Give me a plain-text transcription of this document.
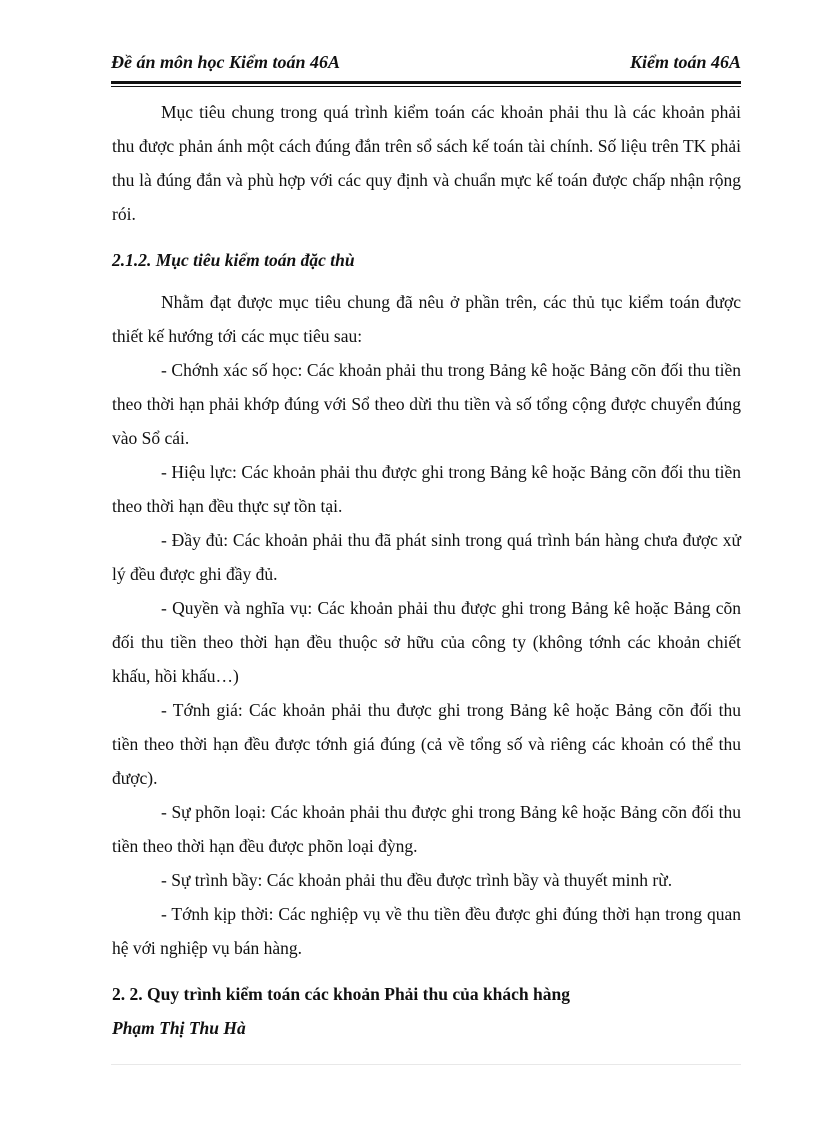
Đề án môn học Kiểm toán 46A	Kiểm toán 46A

Mục tiêu chung trong quá trình kiểm toán các khoản phải thu là các khoản phải thu được phản ánh một cách đúng đắn trên sổ sách kế toán tài chính. Số liệu trên TK phải thu là đúng đắn và phù hợp với các quy định và chuẩn mực kế toán được chấp nhận rộng rói.

2.1.2. Mục tiêu kiểm toán đặc thù

Nhằm đạt được mục tiêu chung đã nêu ở phần trên, các thủ tục kiểm toán được thiết kế hướng tới các mục tiêu sau:

- Chớnh xác số học: Các khoản phải thu trong Bảng kê hoặc Bảng cõn đối thu tiền theo thời hạn phải khớp đúng với Sổ theo dừi thu tiền và số tổng cộng được chuyển đúng vào Sổ cái.

- Hiệu lực: Các khoản phải thu được ghi trong Bảng kê hoặc Bảng cõn đối thu tiền theo thời hạn đều thực sự tồn tại.

- Đầy đủ: Các khoản phải thu đã phát sinh trong quá trình bán hàng chưa được xử lý đều được ghi đầy đủ.

- Quyền và nghĩa vụ: Các khoản phải thu được ghi trong Bảng kê hoặc Bảng cõn đối thu tiền theo thời hạn đều thuộc sở hữu của công ty (không tớnh các khoản chiết khấu, hồi khấu…)

- Tớnh giá: Các khoản phải thu được ghi trong Bảng kê hoặc Bảng cõn đối thu tiền theo thời hạn đều được tớnh giá đúng (cả về tổng số và riêng các khoản có thể thu được).

- Sự phõn loại: Các khoản phải thu được ghi trong Bảng kê hoặc Bảng cõn đối thu tiền theo thời hạn đều được phõn loại đỳng.

- Sự trình bầy: Các khoản phải thu đều được trình bầy và thuyết minh rừ.

- Tớnh kịp thời: Các nghiệp vụ về thu tiền đều được ghi đúng thời hạn trong quan hệ với nghiệp vụ bán hàng.

2. 2. Quy trình kiểm toán các khoản Phải thu của khách hàng

Phạm Thị Thu Hà
